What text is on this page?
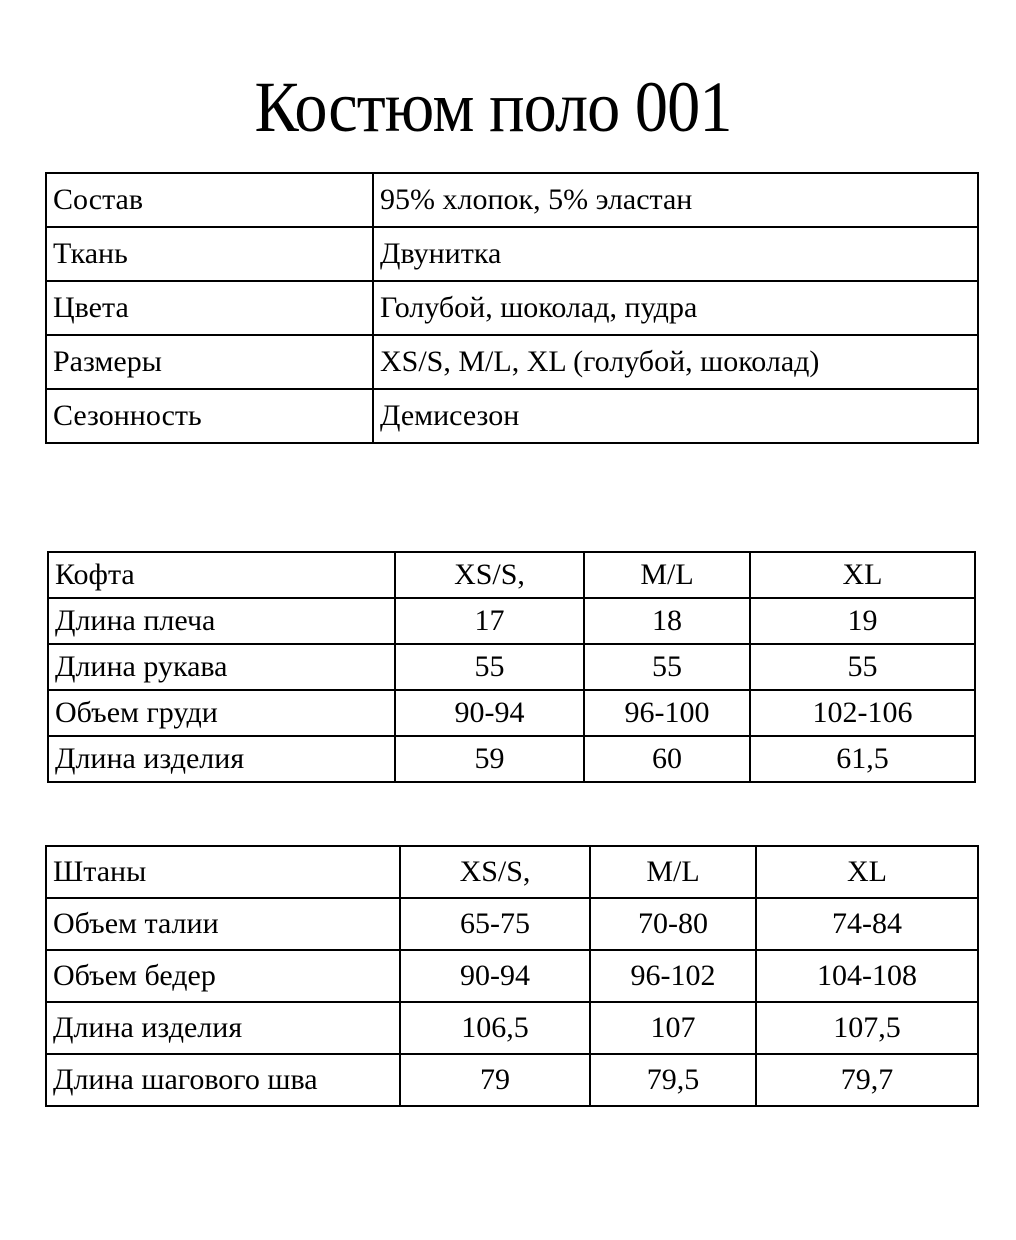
Костюм поло 001
Состав	95% хлопок, 5% эластан
Ткань	Двунитка
Цвета	Голубой, шоколад, пудра
Размеры	XS/S, M/L, XL (голубой, шоколад)
Сезонность	Демисезон
Кофта	XS/S,	M/L	XL
Длина плеча	17	18	19
Длина рукава	55	55	55
Объем груди	90-94	96-100	102-106
Длина изделия	59	60	61,5
Штаны	XS/S,	M/L	XL
Объем талии	65-75	70-80	74-84
Объем бедер	90-94	96-102	104-108
Длина изделия	106,5	107	107,5
Длина шагового шва	79	79,5	79,7
